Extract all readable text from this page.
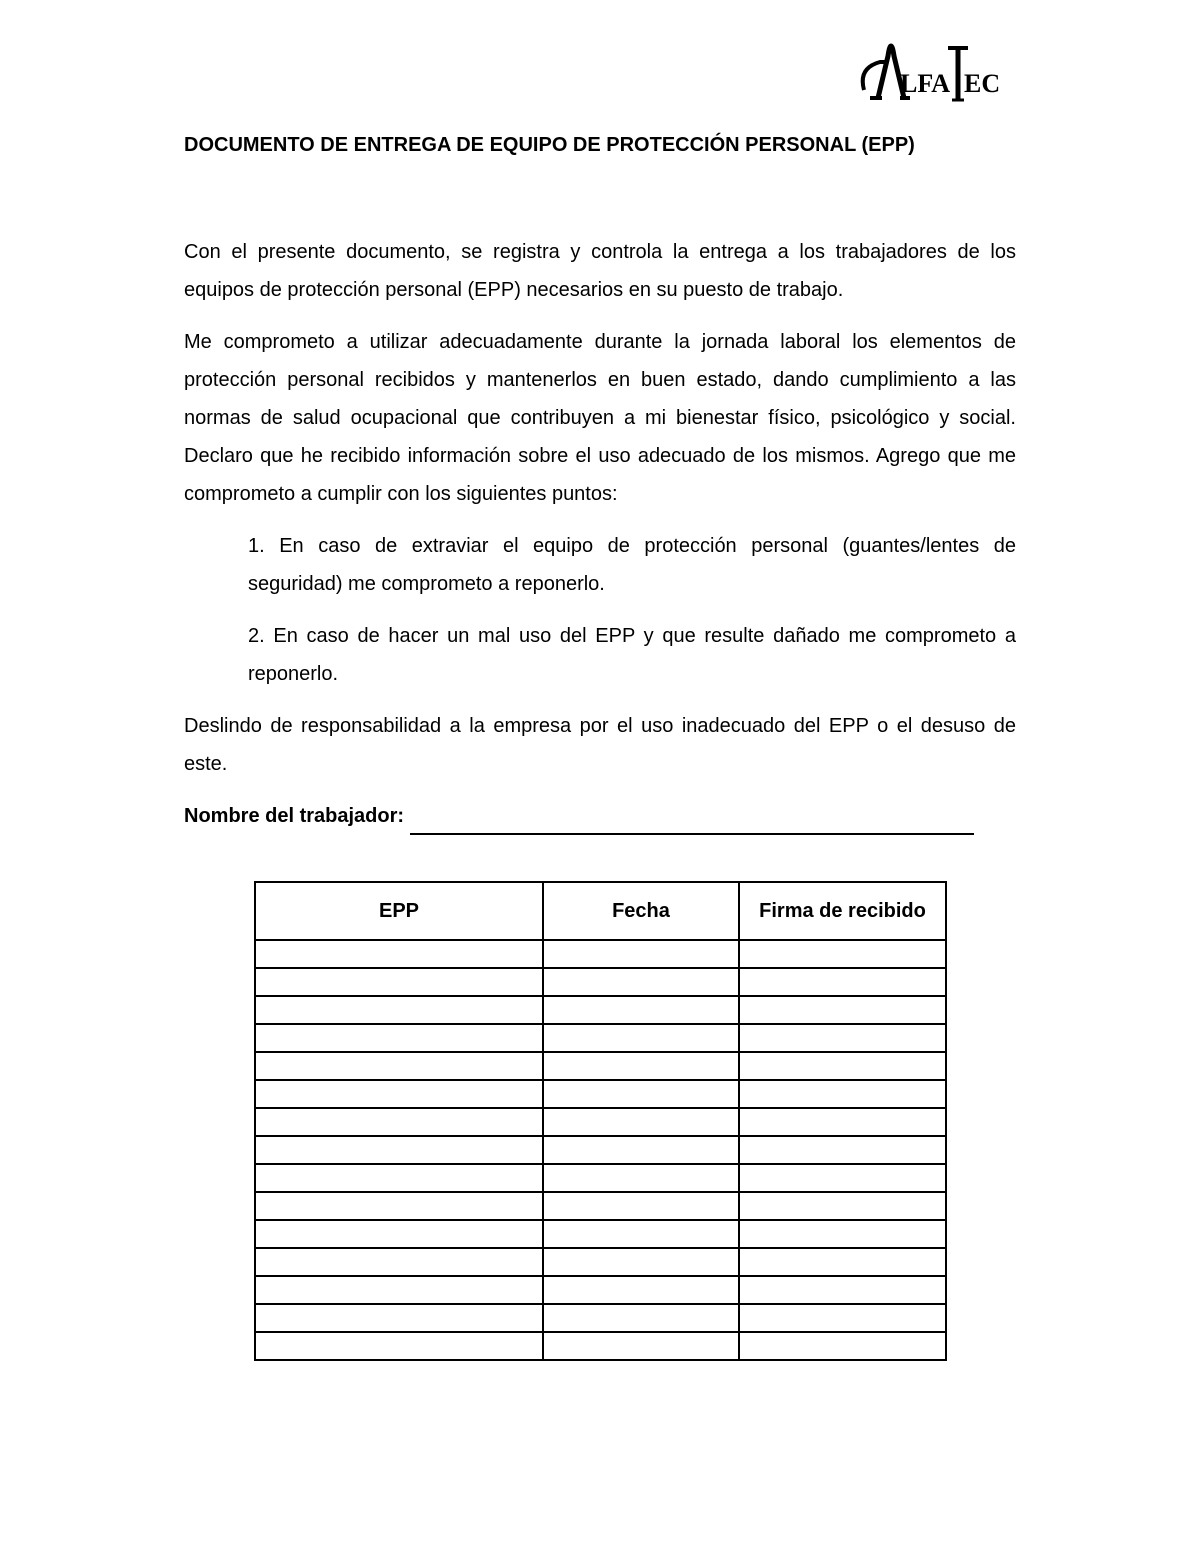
LFA EC
DOCUMENTO DE ENTREGA DE EQUIPO DE PROTECCIÓN PERSONAL (EPP)

Con el presente documento, se registra y controla la entrega a los trabajadores de los equipos de protección personal (EPP) necesarios en su puesto de trabajo.

Me comprometo a utilizar adecuadamente durante la jornada laboral los elementos de protección personal recibidos y mantenerlos en buen estado, dando cumplimiento a las normas de salud ocupacional que contribuyen a mi bienestar físico, psicológico y social. Declaro que he recibido información sobre el uso adecuado de los mismos. Agrego que me comprometo a cumplir con los siguientes puntos:

1. En caso de extraviar el equipo de protección personal (guantes/lentes de seguridad) me comprometo a reponerlo.
2. En caso de hacer un mal uso del EPP y que resulte dañado me comprometo a reponerlo.

Deslindo de responsabilidad a la empresa por el uso inadecuado del EPP o el desuso de este.

Nombre del trabajador:

EPP	Fecha	Firma de recibido
